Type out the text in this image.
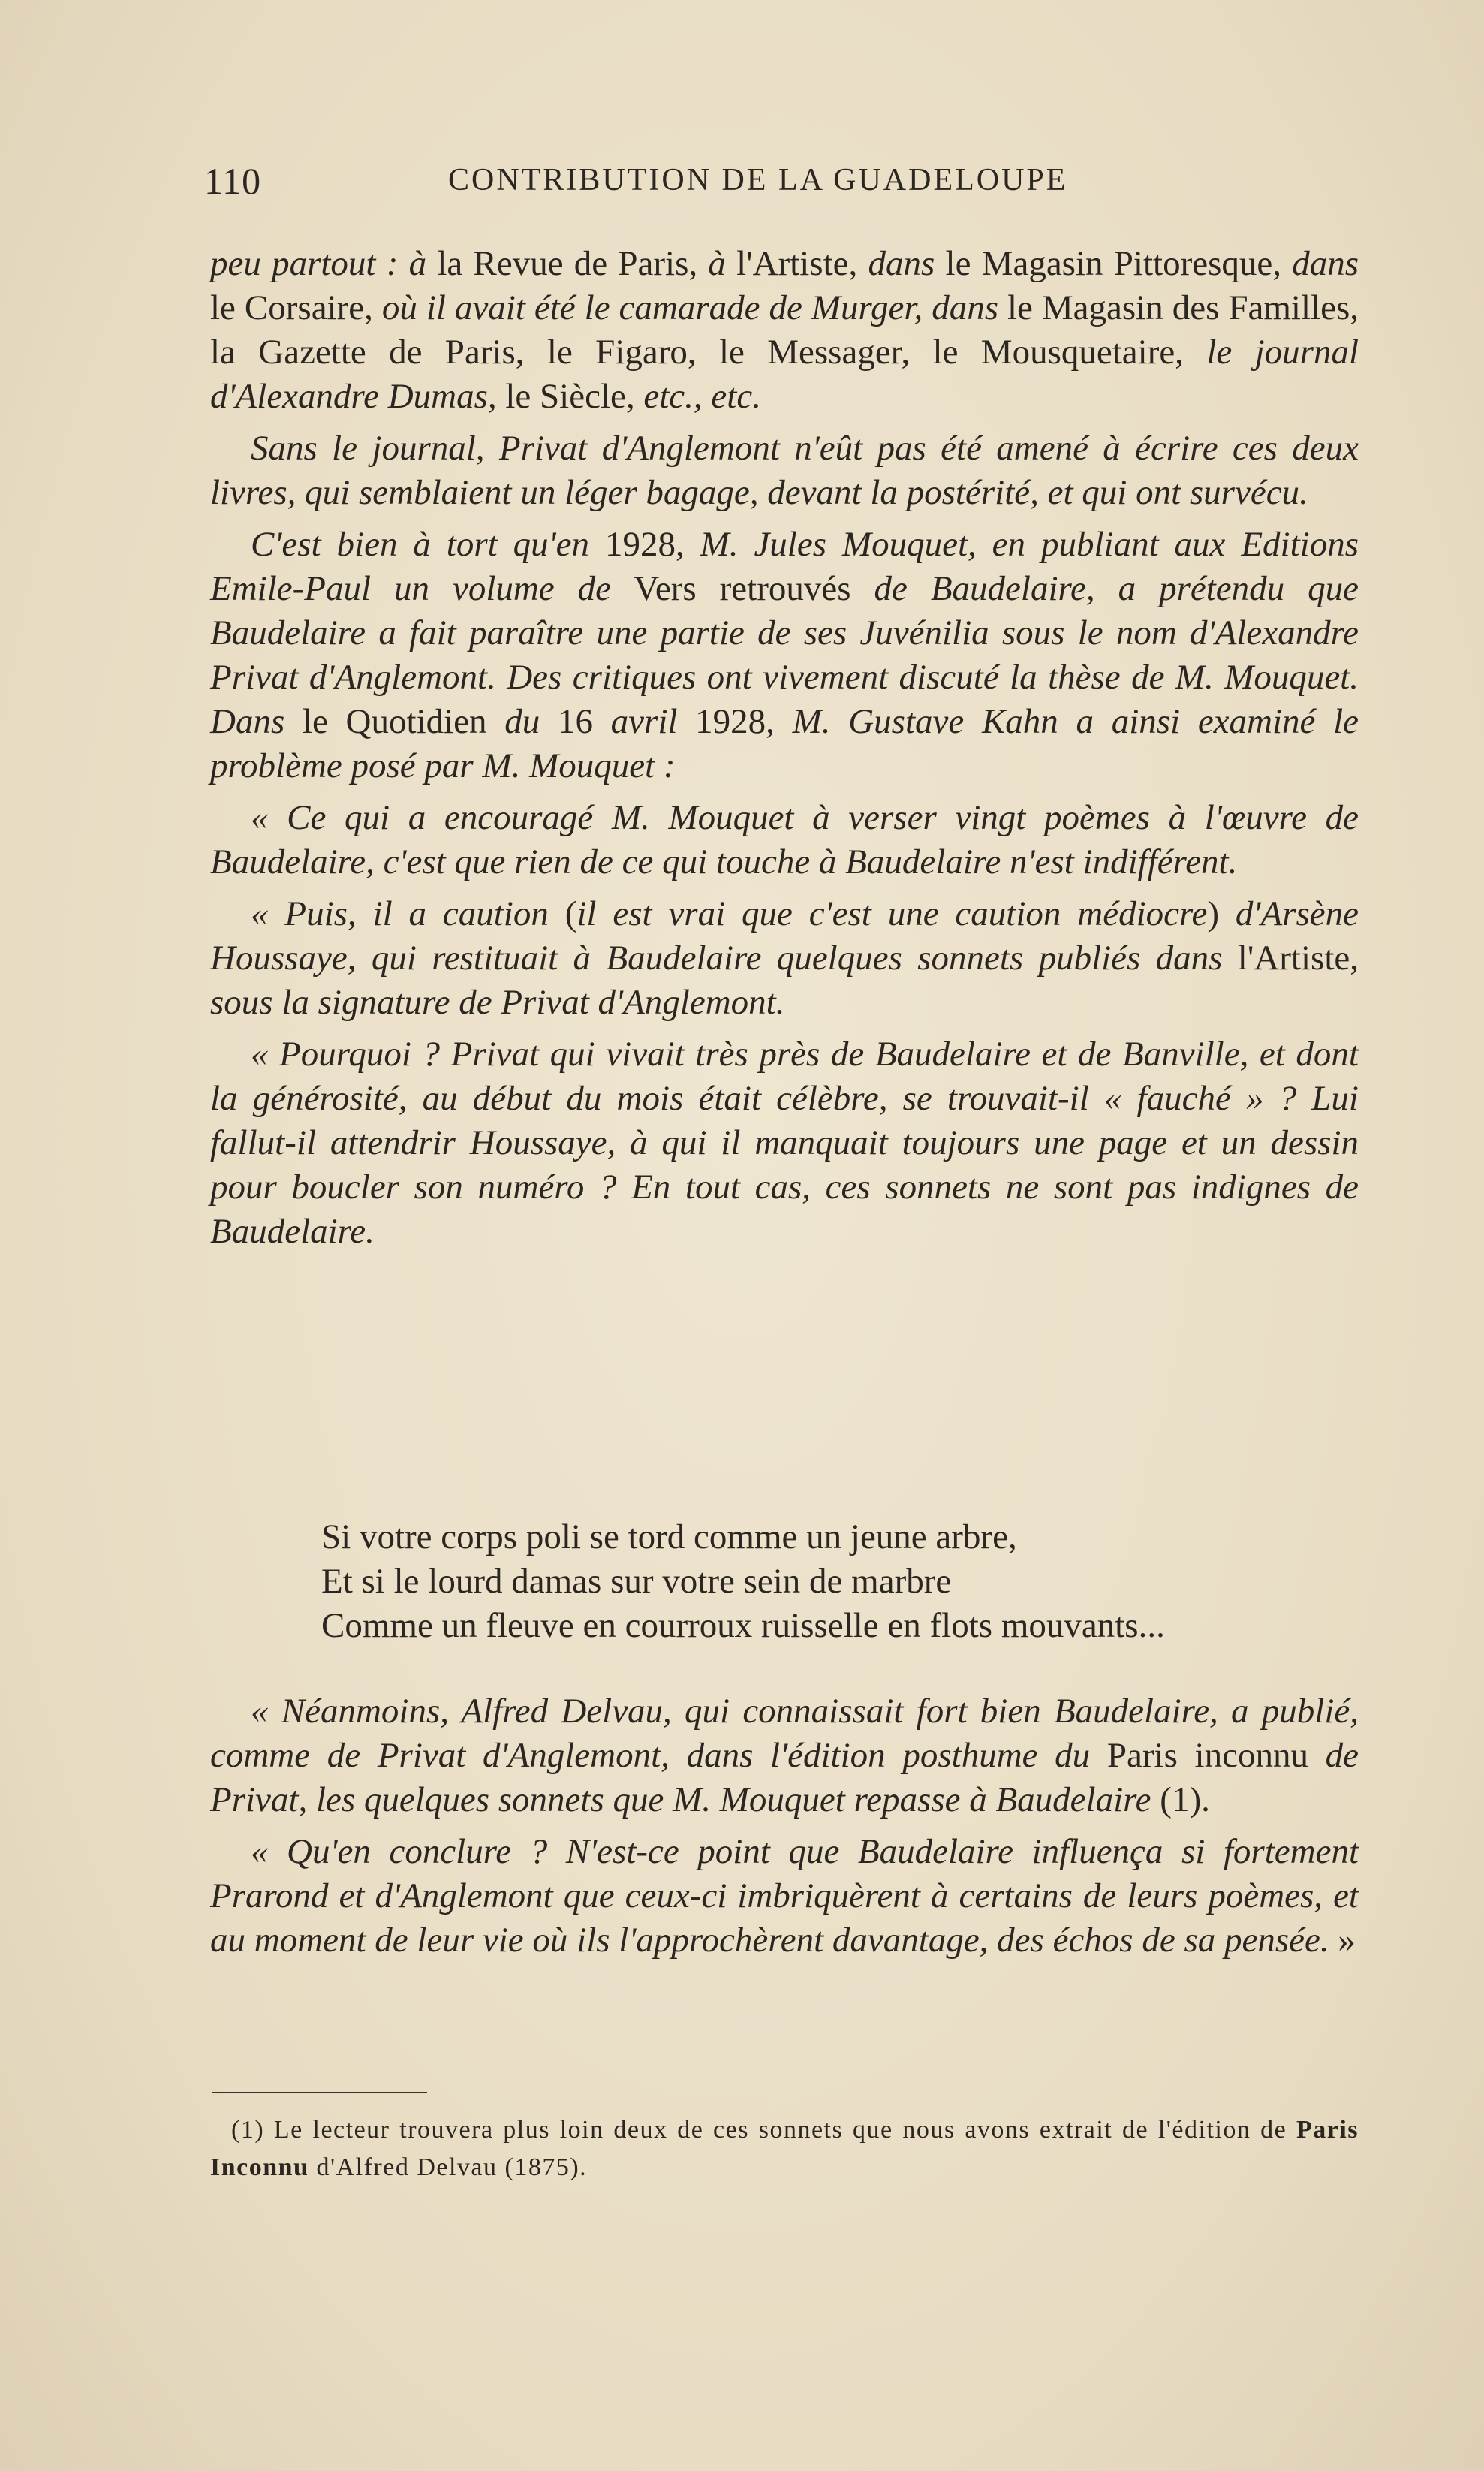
110	CONTRIBUTION DE LA GUADELOUPE

peu partout : à la Revue de Paris, à l'Artiste, dans le Magasin Pittoresque, dans le Corsaire, où il avait été le camarade de Murger, dans le Magasin des Familles, la Gazette de Paris, le Figaro, le Messager, le Mousquetaire, le journal d'Alexandre Dumas, le Siècle, etc., etc.

Sans le journal, Privat d'Anglemont n'eût pas été amené à écrire ces deux livres, qui semblaient un léger bagage, devant la postérité, et qui ont survécu.

C'est bien à tort qu'en 1928, M. Jules Mouquet, en publiant aux Editions Emile-Paul un volume de Vers retrouvés de Baudelaire, a prétendu que Baudelaire a fait paraître une partie de ses Juvénilia sous le nom d'Alexandre Privat d'Anglemont. Des critiques ont vivement discuté la thèse de M. Mouquet. Dans le Quotidien du 16 avril 1928, M. Gustave Kahn a ainsi examiné le problème posé par M. Mouquet :

« Ce qui a encouragé M. Mouquet à verser vingt poèmes à l'œuvre de Baudelaire, c'est que rien de ce qui touche à Baudelaire n'est indifférent.

« Puis, il a caution (il est vrai que c'est une caution médiocre) d'Arsène Houssaye, qui restituait à Baudelaire quelques sonnets publiés dans l'Artiste, sous la signature de Privat d'Anglemont.

« Pourquoi ? Privat qui vivait très près de Baudelaire et de Banville, et dont la générosité, au début du mois était célèbre, se trouvait-il « fauché » ? Lui fallut-il attendrir Houssaye, à qui il manquait toujours une page et un dessin pour boucler son numéro ? En tout cas, ces sonnets ne sont pas indignes de Baudelaire.

Si votre corps poli se tord comme un jeune arbre,
Et si le lourd damas sur votre sein de marbre
Comme un fleuve en courroux ruisselle en flots mouvants...

« Néanmoins, Alfred Delvau, qui connaissait fort bien Baudelaire, a publié, comme de Privat d'Anglemont, dans l'édition posthume du Paris inconnu de Privat, les quelques sonnets que M. Mouquet repasse à Baudelaire (1).

« Qu'en conclure ? N'est-ce point que Baudelaire influença si fortement Prarond et d'Anglemont que ceux-ci imbriquèrent à certains de leurs poèmes, et au moment de leur vie où ils l'approchèrent davantage, des échos de sa pensée. »

(1) Le lecteur trouvera plus loin deux de ces sonnets que nous avons extrait de l'édition de Paris Inconnu d'Alfred Delvau (1875).
